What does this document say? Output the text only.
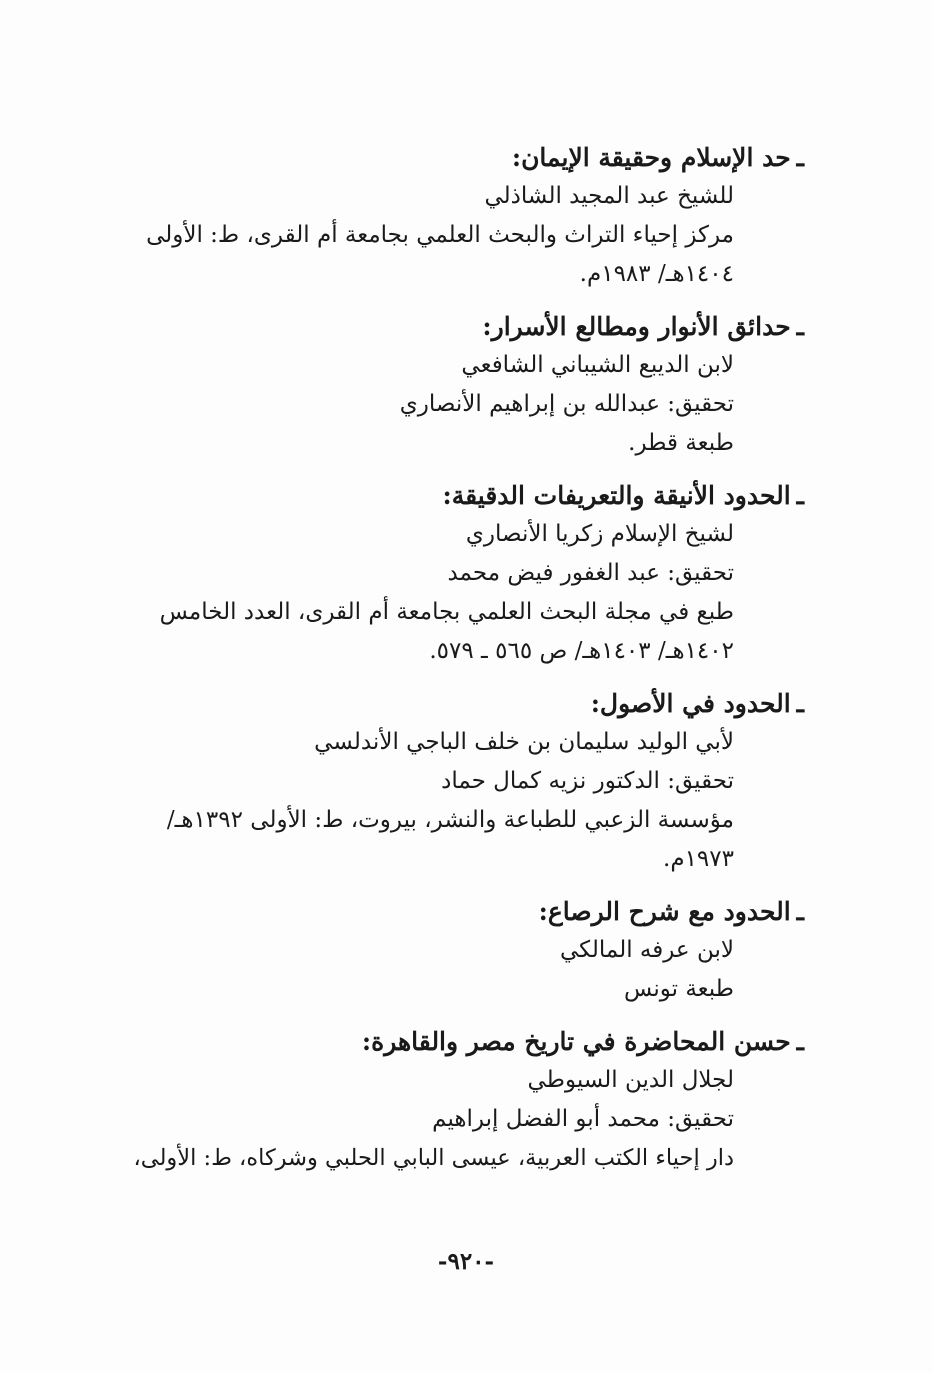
ـحد الإسلام وحقيقة الإيمان:
للشيخ عبد المجيد الشاذلي
مركز إحياء التراث والبحث العلمي بجامعة أم القرى، ط: الأولى
١٤٠٤هـ/ ١٩٨٣م.
ـحدائق الأنوار ومطالع الأسرار:
لابن الديبع الشيباني الشافعي
تحقيق: عبدالله بن إبراهيم الأنصاري
طبعة قطر.
ـالحدود الأنيقة والتعريفات الدقيقة:
لشيخ الإسلام زكريا الأنصاري
تحقيق: عبد الغفور فيض محمد
طبع في مجلة البحث العلمي بجامعة أم القرى، العدد الخامس
١٤٠٢هـ/ ١٤٠٣هـ/ ص ٥٦٥ ـ ٥٧٩.
ـالحدود في الأصول:
لأبي الوليد سليمان بن خلف الباجي الأندلسي
تحقيق: الدكتور نزيه كمال حماد
مؤسسة الزعبي للطباعة والنشر، بيروت، ط: الأولى ١٣٩٢هـ/
١٩٧٣م.
ـالحدود مع شرح الرصاع:
لابن عرفه المالكي
طبعة تونس
ـحسن المحاضرة في تاريخ مصر والقاهرة:
لجلال الدين السيوطي
تحقيق: محمد أبو الفضل إبراهيم
دار إحياء الكتب العربية، عيسى البابي الحلبي وشركاه، ط: الأولى،
-٩٢٠-
